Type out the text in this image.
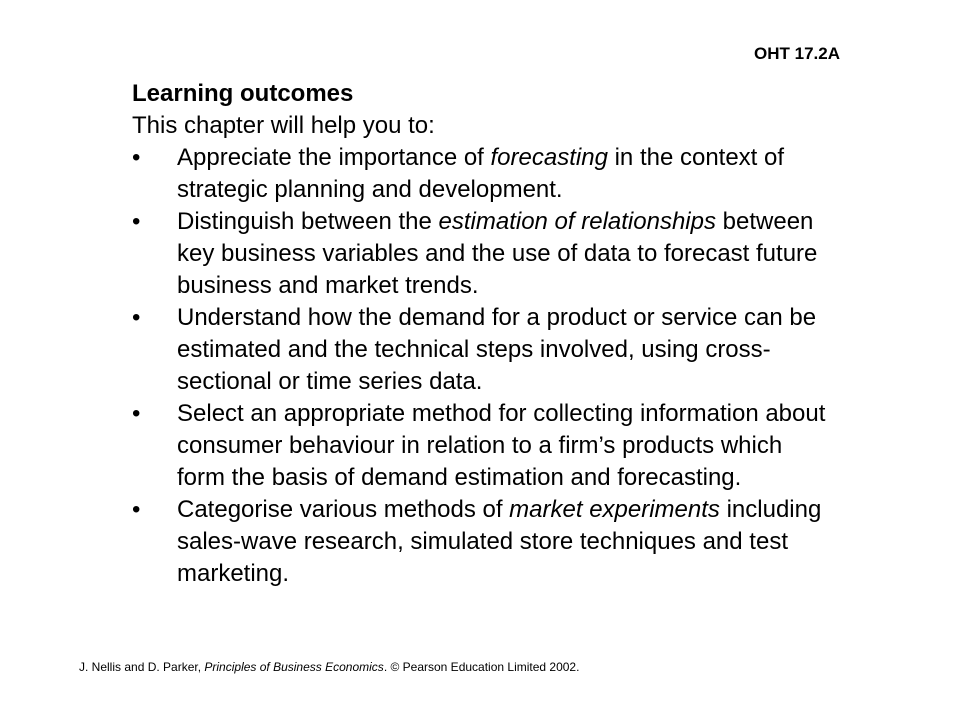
OHT 17.2A

Learning outcomes

This chapter will help you to:

• Appreciate the importance of forecasting in the context of strategic planning and development.
• Distinguish between the estimation of relationships between key business variables and the use of data to forecast future business and market trends.
• Understand how the demand for a product or service can be estimated and the technical steps involved, using cross-sectional or time series data.
• Select an appropriate method for collecting information about consumer behaviour in relation to a firm’s products which form the basis of demand estimation and forecasting.
• Categorise various methods of market experiments including sales-wave research, simulated store techniques and test marketing.

J. Nellis and D. Parker, Principles of Business Economics. © Pearson Education Limited 2002.
